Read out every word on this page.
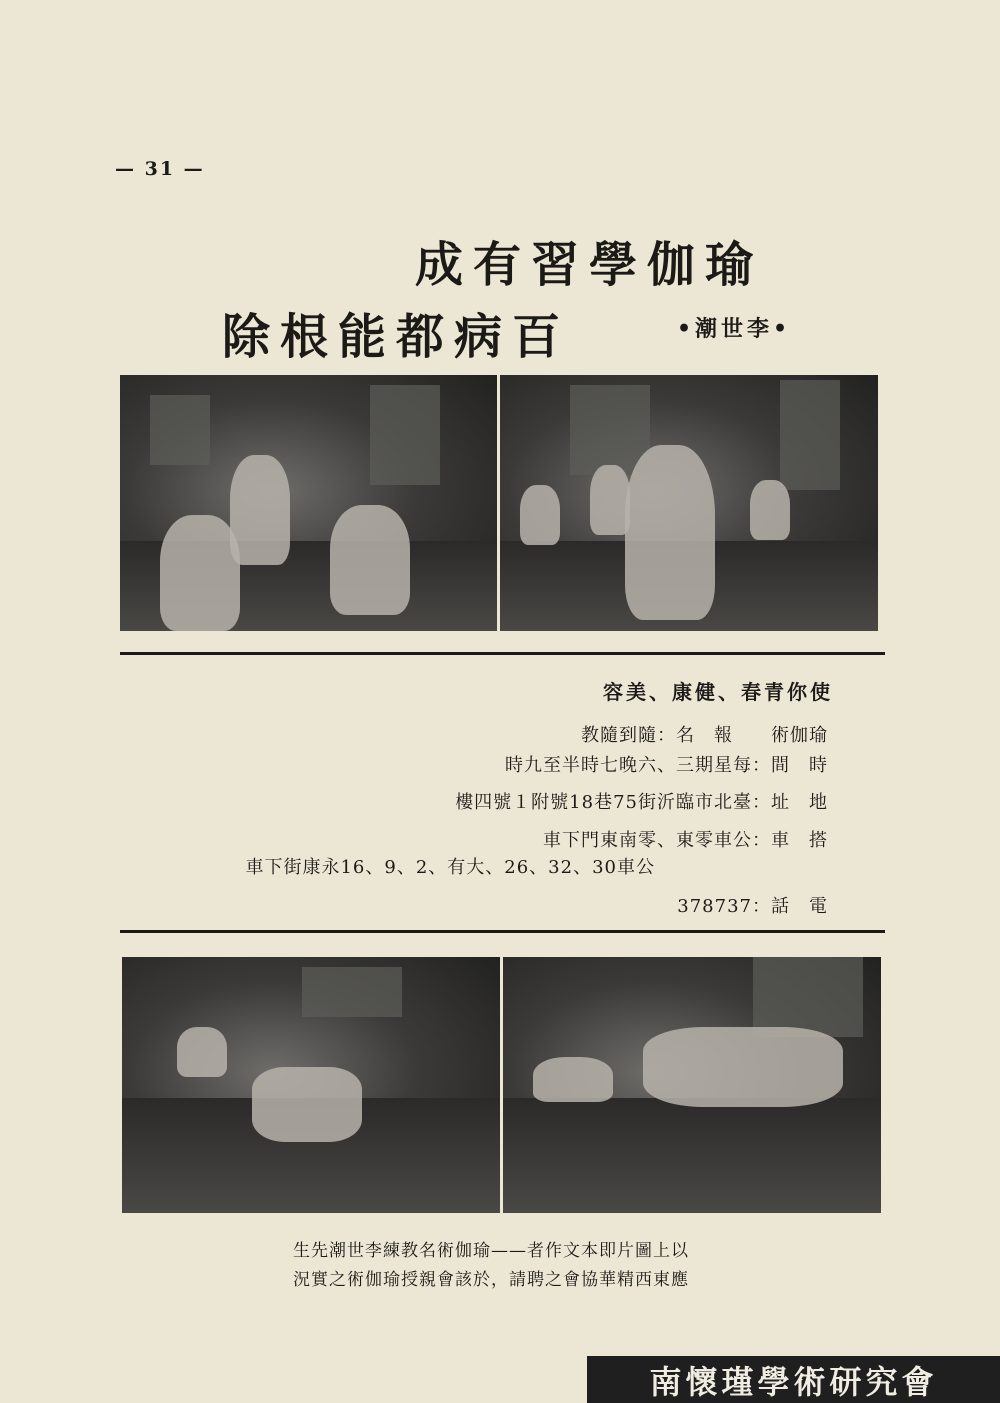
— 31 —
成有習學伽瑜
除根能都病百	•潮世李•
容美、康健、春青你使
教隨到隨：名　報　　術伽瑜
時九至半時七晚六、三期星每：間　時
樓四號１附號18巷75街沂臨市北臺：址　地
車下門東南零、東零車公：車　搭
車下街康永16、9、2、有大、26、32、30車公
378737：話　電
生先潮世李練教名術伽瑜——者作文本即片圖上以
況實之術伽瑜授親會該於，請聘之會協華精西東應
南懷瑾學術研究會
